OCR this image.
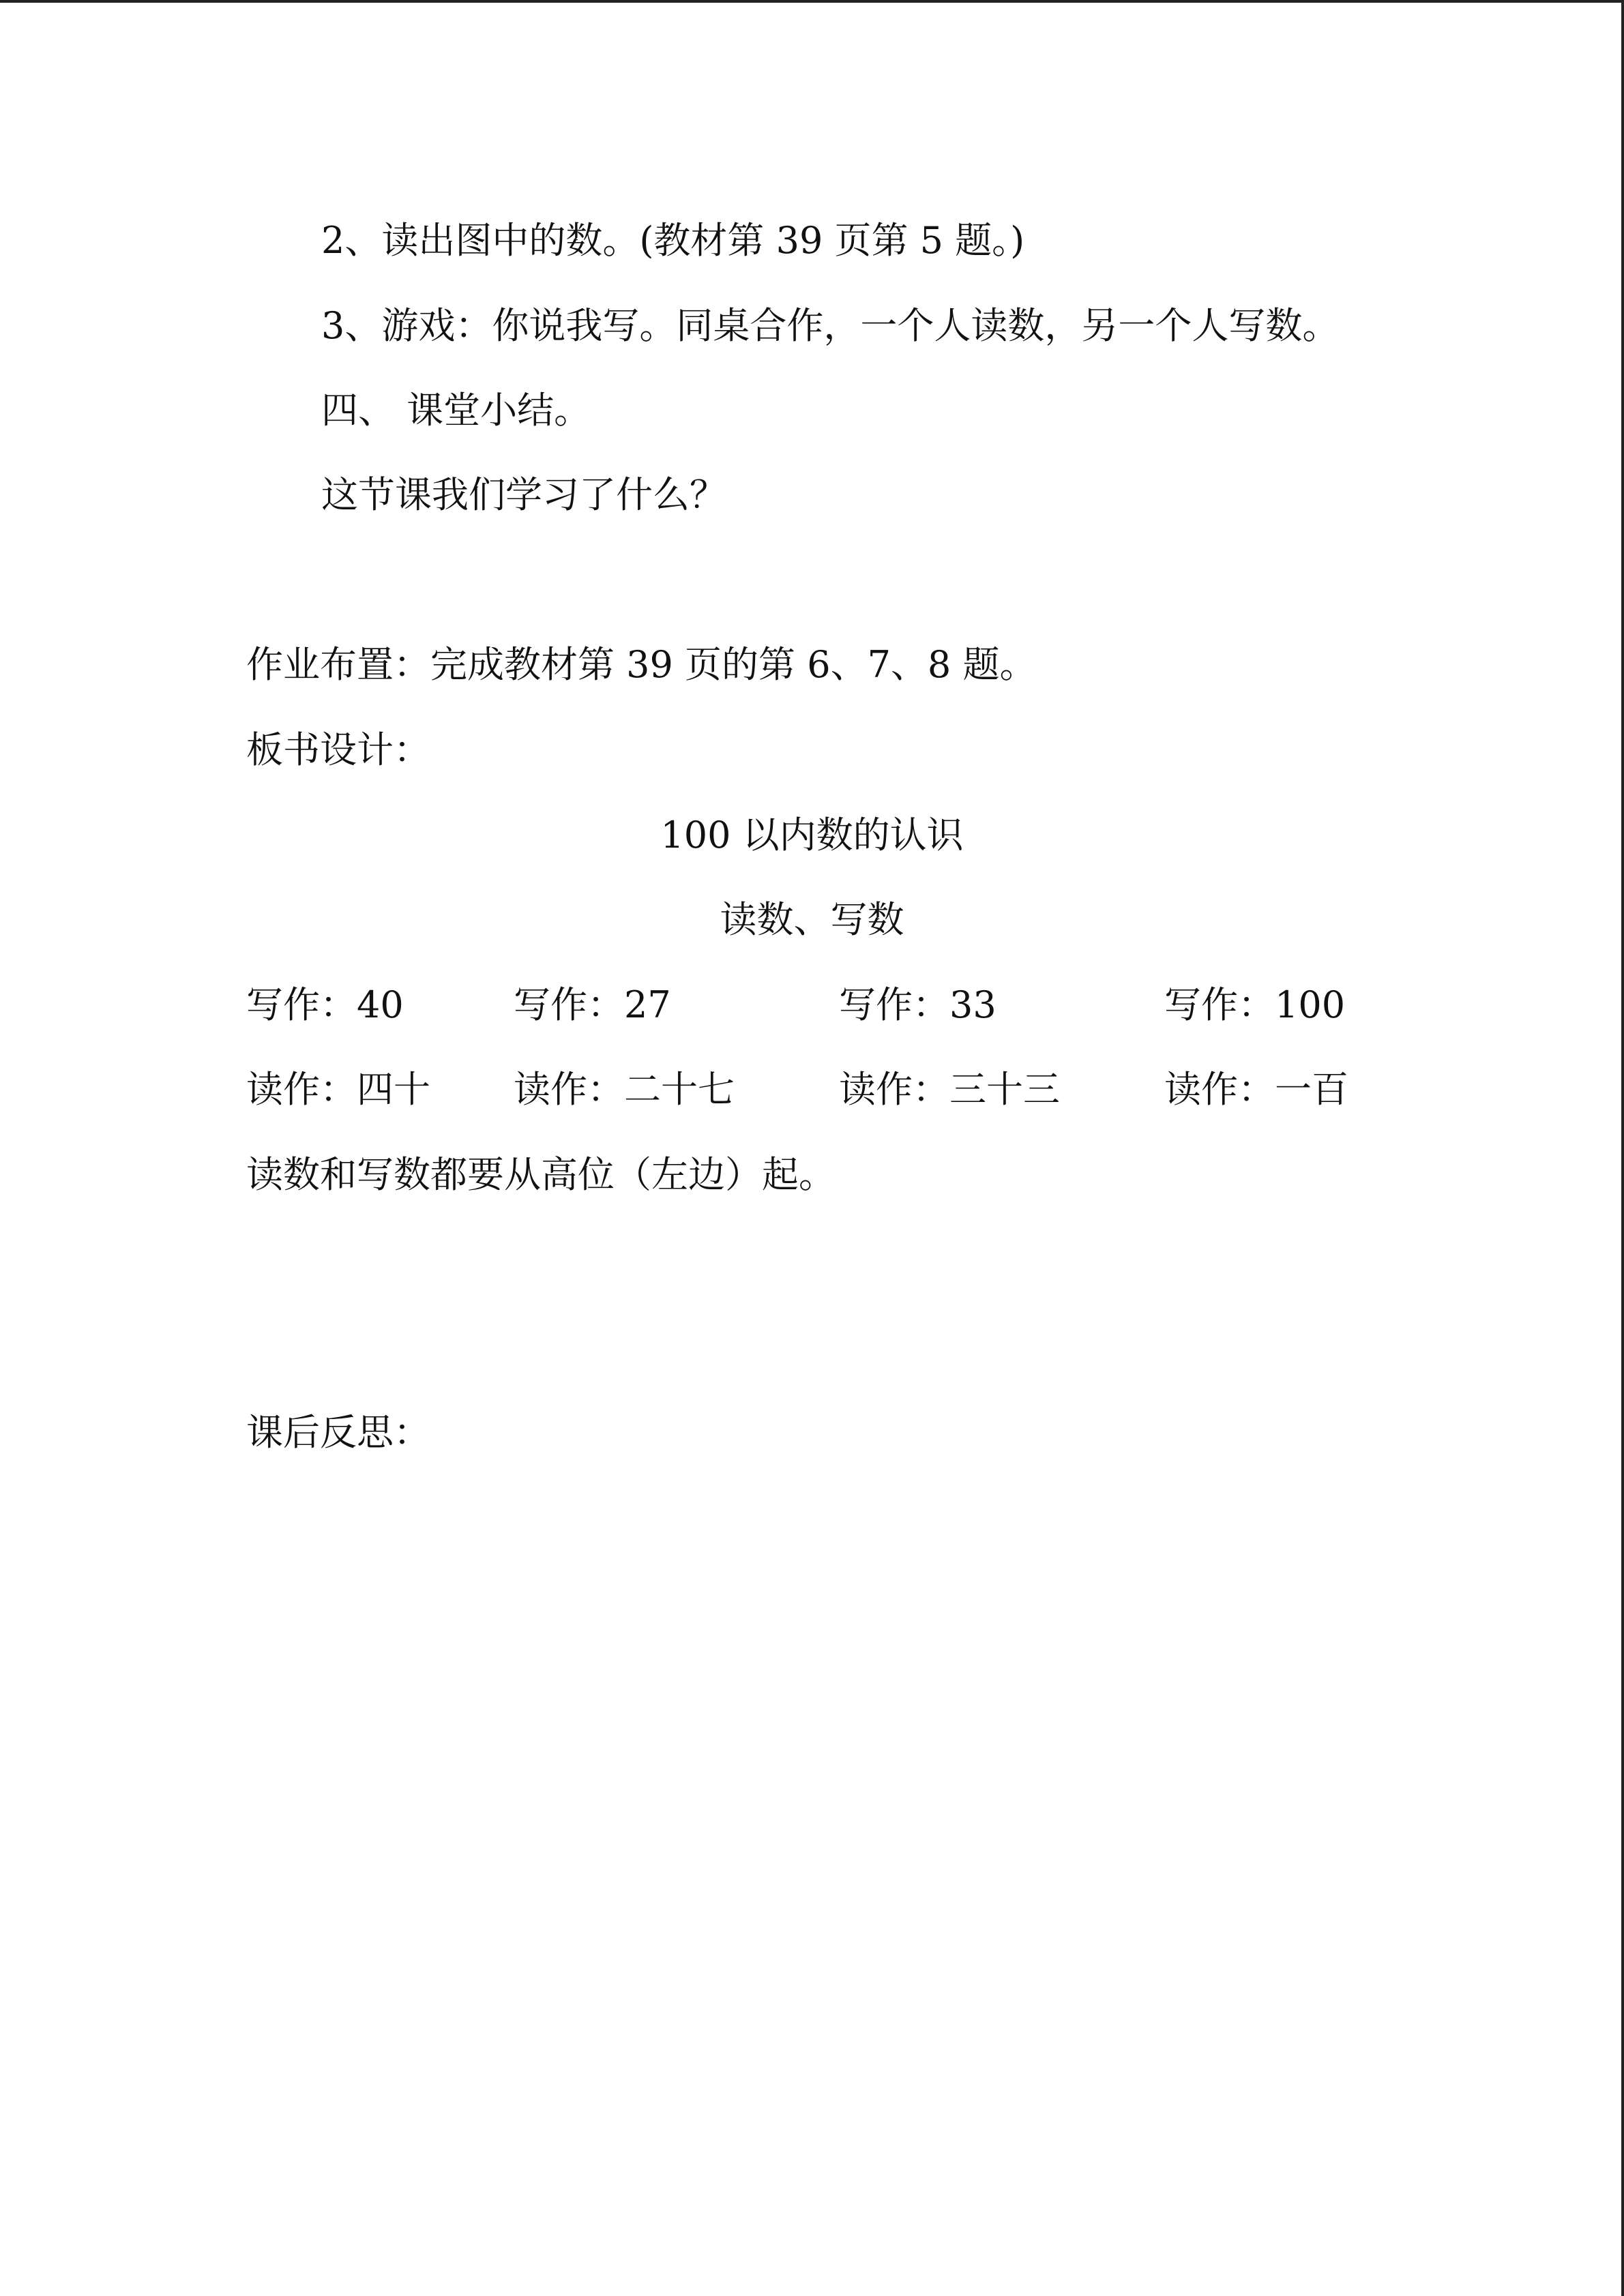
2、读出图中的数。(教材第 39 页第 5 题。)
3、游戏：你说我写。同桌合作，一个人读数，另一个人写数。
四、 课堂小结。
这节课我们学习了什么？
作业布置：完成教材第 39 页的第 6、7、8 题。
板书设计：
100 以内数的认识
读数、写数
写作：40	写作：27	写作：33	写作：100
读作：四十 读作：二十七	读作：三十三	读作：一百
读数和写数都要从高位（左边）起。
课后反思：
